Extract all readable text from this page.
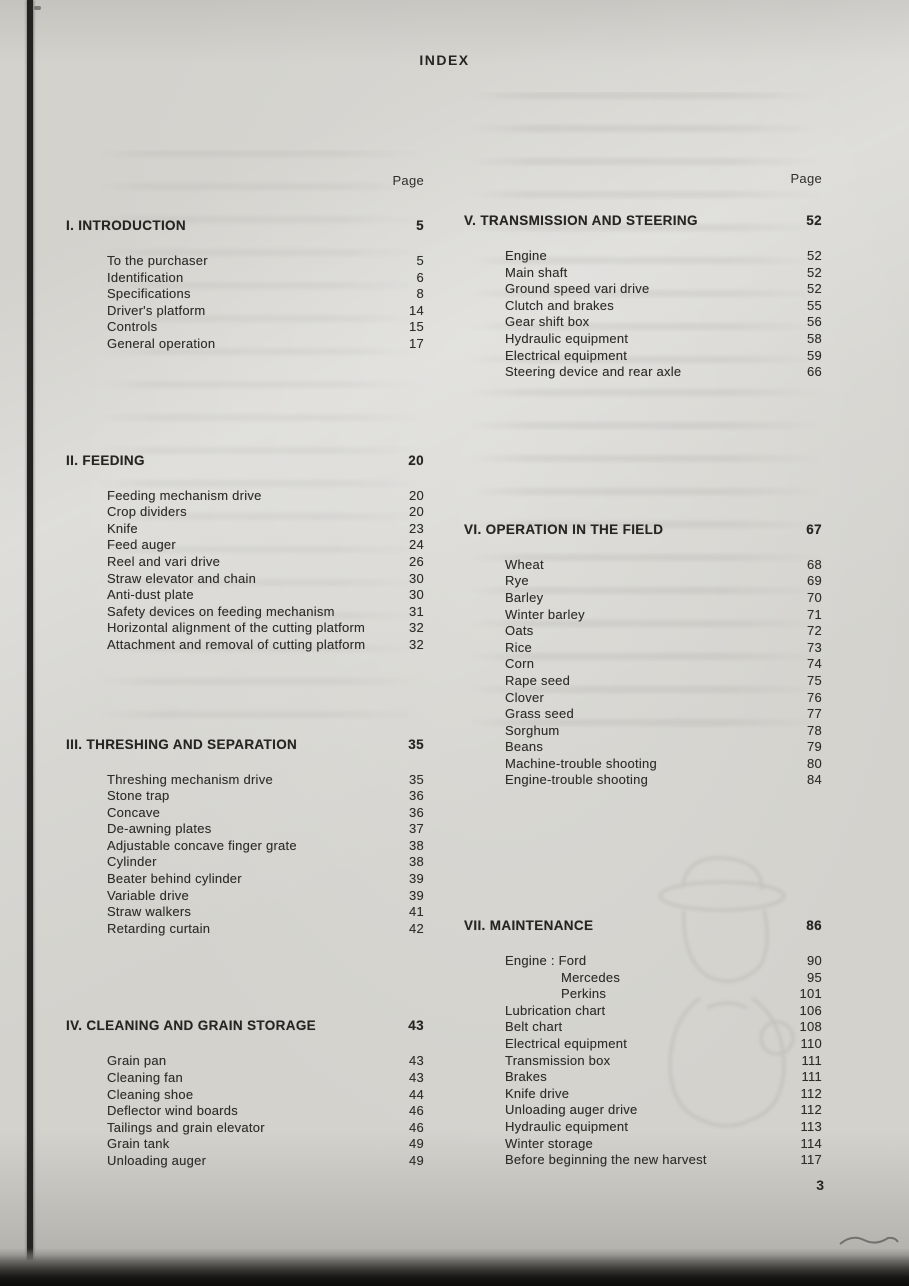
INDEX
Page
I. INTRODUCTION	5
To the purchaser	5
Identification	6
Specifications	8
Driver's platform	14
Controls	15
General operation	17
II. FEEDING	20
Feeding mechanism drive	20
Crop dividers	20
Knife	23
Feed auger	24
Reel and vari drive	26
Straw elevator and chain	30
Anti-dust plate	30
Safety devices on feeding mechanism	31
Horizontal alignment of the cutting platform	32
Attachment and removal of cutting platform	32
III. THRESHING AND SEPARATION	35
Threshing mechanism drive	35
Stone trap	36
Concave	36
De-awning plates	37
Adjustable concave finger grate	38
Cylinder	38
Beater behind cylinder	39
Variable drive	39
Straw walkers	41
Retarding curtain	42
IV. CLEANING AND GRAIN STORAGE	43
Grain pan	43
Cleaning fan	43
Cleaning shoe	44
Deflector wind boards	46
Tailings and grain elevator	46
Grain tank	49
Unloading auger	49
Page
V. TRANSMISSION AND STEERING	52
Engine	52
Main shaft	52
Ground speed vari drive	52
Clutch and brakes	55
Gear shift box	56
Hydraulic equipment	58
Electrical equipment	59
Steering device and rear axle	66
VI. OPERATION IN THE FIELD	67
Wheat	68
Rye	69
Barley	70
Winter barley	71
Oats	72
Rice	73
Corn	74
Rape seed	75
Clover	76
Grass seed	77
Sorghum	78
Beans	79
Machine-trouble shooting	80
Engine-trouble shooting	84
VII. MAINTENANCE	86
Engine : Ford	90
Mercedes	95
Perkins	101
Lubrication chart	106
Belt chart	108
Electrical equipment	110
Transmission box	111
Brakes	111
Knife drive	112
Unloading auger drive	112
Hydraulic equipment	113
Winter storage	114
Before beginning the new harvest	117
3
